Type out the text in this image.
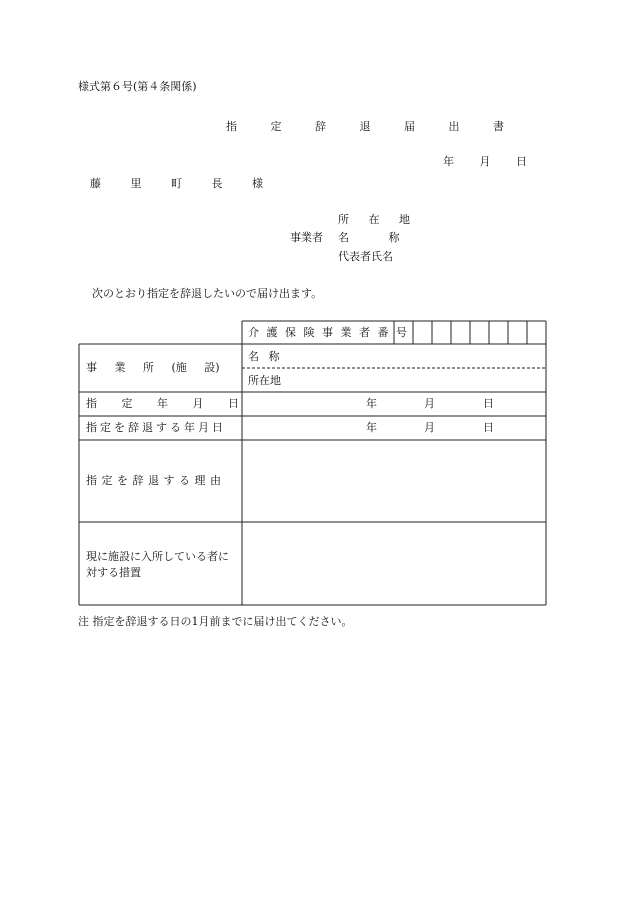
様式第６号(第４条関係)
指 定 辞 退 届 出 書
年 月 日
藤 里 町 長 様
所 在 地
事業者 名 称
代表者氏名
次のとおり指定を辞退したいので届け出ます。
介 護 保 険 事 業 者 番 号
事 業 所 (施 設)
名 称
所在地
指 定 年 月 日	年	月	日
指定を辞退する年月日	年	月	日
指 定 を 辞 退 す る 理 由
現に施設に入所している者に
対する措置
注 指定を辞退する日の1月前までに届け出てください。
